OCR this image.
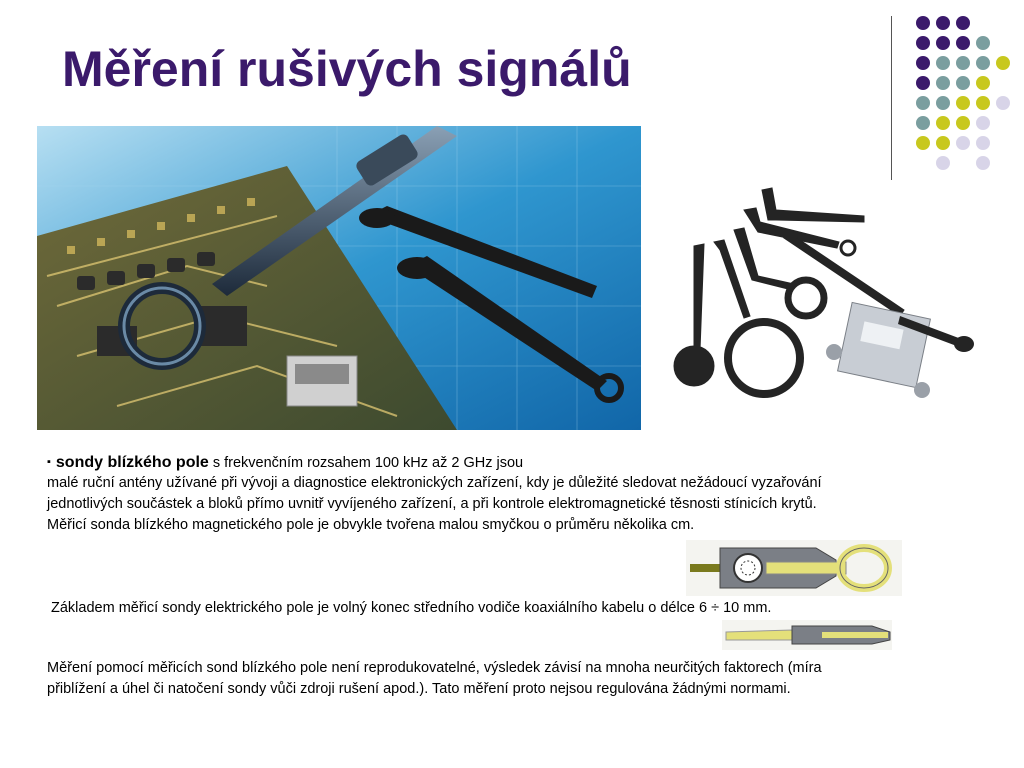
Měření rušivých signálů
▪ sondy blízkého pole s frekvenčním rozsahem 100 kHz až 2 GHz jsou
malé ruční antény užívané při vývoji a diagnostice elektronických zařízení, kdy je důležité sledovat nežádoucí vyzařování
jednotlivých součástek a bloků přímo uvnitř vyvíjeného zařízení, a při kontrole elektromagnetické těsnosti stínicích krytů.
Měřicí sonda blízkého magnetického pole je obvykle tvořena malou smyčkou o průměru několika cm.
Základem měřicí sondy elektrického pole je volný konec středního vodiče koaxiálního kabelu o délce 6 ÷ 10 mm.
Měření pomocí měřicích sond blízkého pole není reprodukovatelné, výsledek závisí na mnoha neurčitých faktorech (míra
přiblížení a úhel či natočení sondy vůči zdroji rušení apod.). Tato měření proto nejsou regulována žádnými normami.
